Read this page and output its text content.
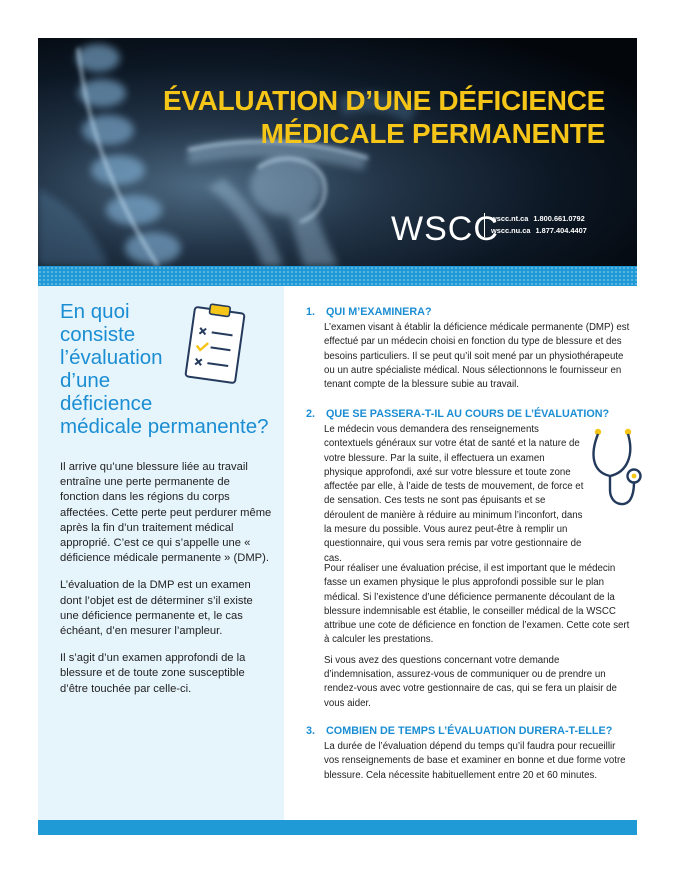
ÉVALUATION D’UNE DÉFICIENCE
MÉDICALE PERMANENTE
WSCC
wscc.nt.ca 1.800.661.0792
wscc.nu.ca 1.877.404.4407
En quoi
consiste
l’évaluation
d’une
déficience
médicale permanente?

Il arrive qu’une blessure liée au travail entraîne une perte permanente de fonction dans les régions du corps affectées. Cette perte peut perdurer même après la fin d’un traitement médical approprié. C’est ce qui s’appelle une « déficience médicale permanente » (DMP).

L’évaluation de la DMP est un examen dont l’objet est de déterminer s’il existe une déficience permanente et, le cas échéant, d’en mesurer l’ampleur.

Il s’agit d’un examen approfondi de la blessure et de toute zone susceptible d’être touchée par celle-ci.

1. QUI M’EXAMINERA?

L’examen visant à établir la déficience médicale permanente (DMP) est effectué par un médecin choisi en fonction du type de blessure et des besoins particuliers. Il se peut qu’il soit mené par un physiothérapeute ou un autre spécialiste médical. Nous sélectionnons le fournisseur en tenant compte de la blessure subie au travail.

2. QUE SE PASSERA-T-IL AU COURS DE L’ÉVALUATION?

Le médecin vous demandera des renseignements contextuels généraux sur votre état de santé et la nature de votre blessure. Par la suite, il effectuera un examen physique approfondi, axé sur votre blessure et toute zone affectée par elle, à l’aide de tests de mouvement, de force et de sensation. Ces tests ne sont pas épuisants et se déroulent de manière à réduire au minimum l’inconfort, dans la mesure du possible. Vous aurez peut-être à remplir un questionnaire, qui vous sera remis par votre gestionnaire de cas.

Pour réaliser une évaluation précise, il est important que le médecin fasse un examen physique le plus approfondi possible sur le plan médical. Si l’existence d’une déficience permanente découlant de la blessure indemnisable est établie, le conseiller médical de la WSCC attribue une cote de déficience en fonction de l’examen. Cette cote sert à calculer les prestations.

Si vous avez des questions concernant votre demande d’indemnisation, assurez-vous de communiquer ou de prendre un rendez-vous avec votre gestionnaire de cas, qui se fera un plaisir de vous aider.

3. COMBIEN DE TEMPS L’ÉVALUATION DURERA-T-ELLE?

La durée de l’évaluation dépend du temps qu’il faudra pour recueillir vos renseignements de base et examiner en bonne et due forme votre blessure. Cela nécessite habituellement entre 20 et 60 minutes.
